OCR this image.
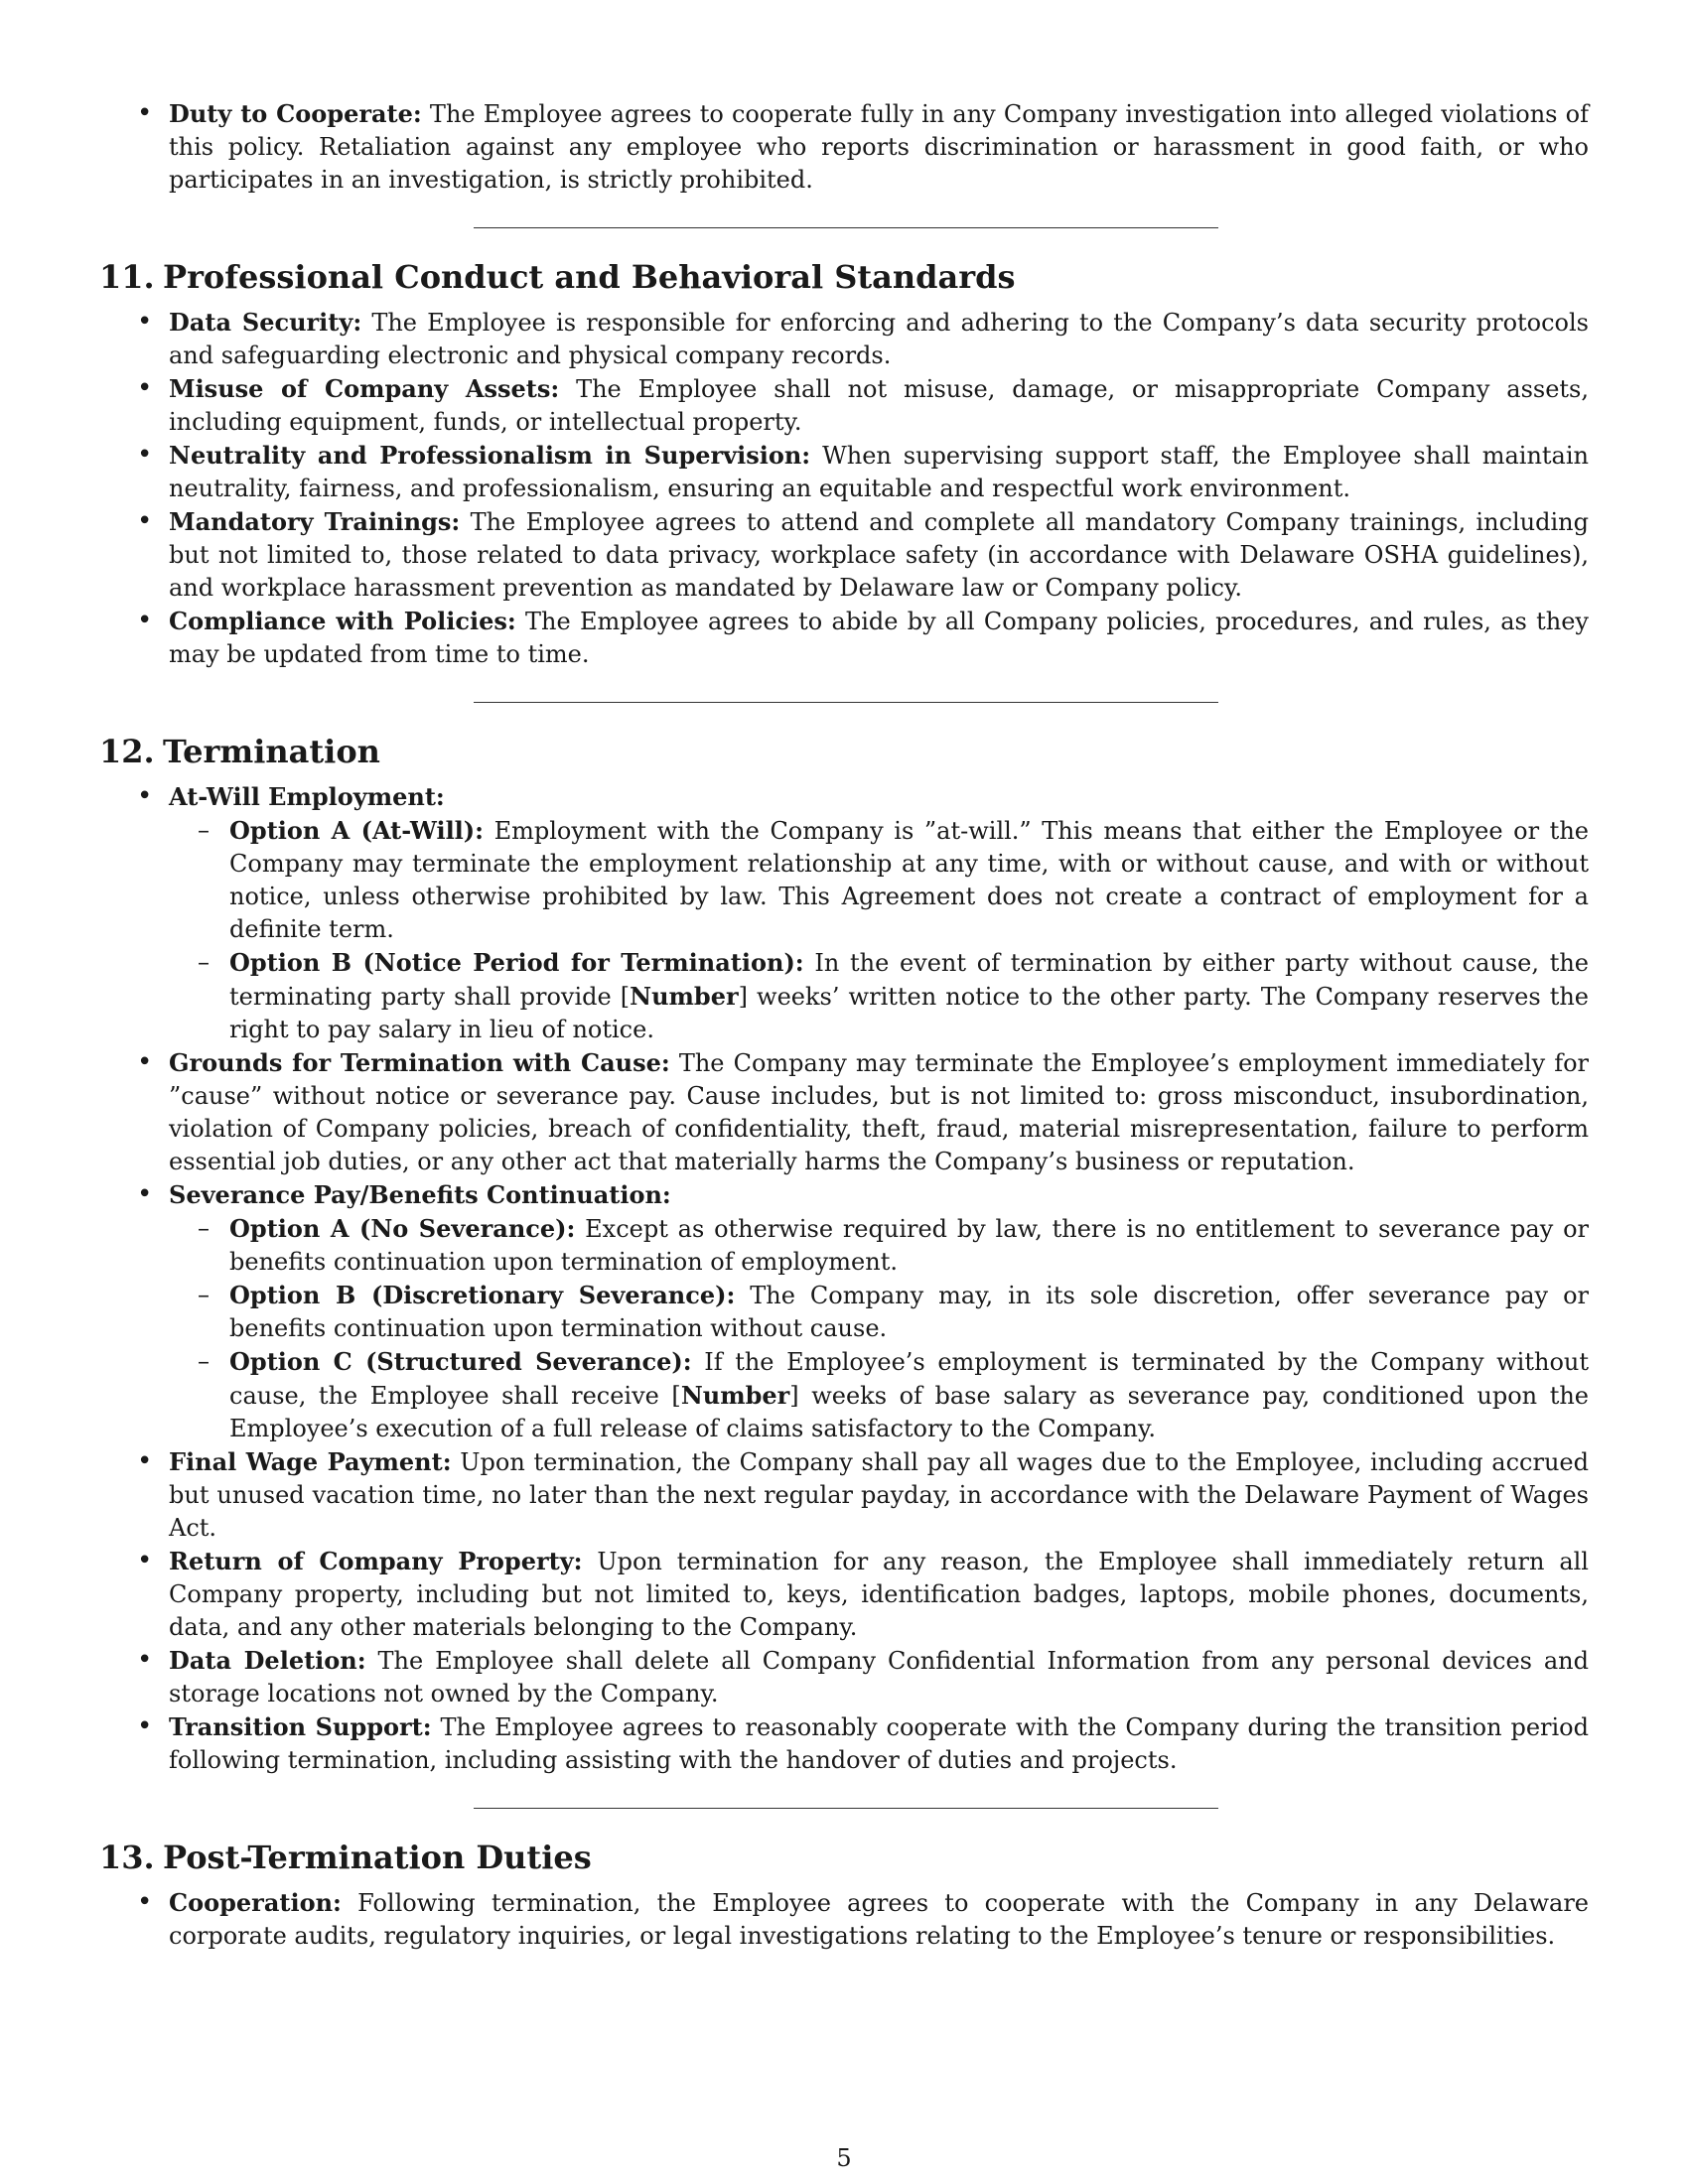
• Duty to Cooperate: The Employee agrees to cooperate fully in any Company investigation into alleged violations of this policy. Retaliation against any employee who reports discrimination or harassment in good faith, or who participates in an investigation, is strictly prohibited.
11. Professional Conduct and Behavioral Standards
• Data Security: The Employee is responsible for enforcing and adhering to the Company’s data security protocols and safeguarding electronic and physical company records.
• Misuse of Company Assets: The Employee shall not misuse, damage, or misappropriate Company assets, including equipment, funds, or intellectual property.
• Neutrality and Professionalism in Supervision: When supervising support staff, the Employee shall maintain neutrality, fairness, and professionalism, ensuring an equitable and respectful work environment.
• Mandatory Trainings: The Employee agrees to attend and complete all mandatory Company trainings, including but not limited to, those related to data privacy, workplace safety (in accordance with Delaware OSHA guidelines), and workplace harassment prevention as mandated by Delaware law or Company policy.
• Compliance with Policies: The Employee agrees to abide by all Company policies, procedures, and rules, as they may be updated from time to time.
12. Termination
• At-Will Employment:
– Option A (At-Will): Employment with the Company is ”at-will.” This means that either the Employee or the Company may terminate the employment relationship at any time, with or without cause, and with or without notice, unless otherwise prohibited by law. This Agreement does not create a contract of employment for a definite term.
– Option B (Notice Period for Termination): In the event of termination by either party without cause, the terminating party shall provide [Number] weeks’ written notice to the other party. The Company reserves the right to pay salary in lieu of notice.
• Grounds for Termination with Cause: The Company may terminate the Employee’s employment immediately for ”cause” without notice or severance pay. Cause includes, but is not limited to: gross misconduct, insubordination, violation of Company policies, breach of confidentiality, theft, fraud, material misrepresentation, failure to perform essential job duties, or any other act that materially harms the Company’s business or reputation.
• Severance Pay/Benefits Continuation:
– Option A (No Severance): Except as otherwise required by law, there is no entitlement to severance pay or benefits continuation upon termination of employment.
– Option B (Discretionary Severance): The Company may, in its sole discretion, offer severance pay or benefits continuation upon termination without cause.
– Option C (Structured Severance): If the Employee’s employment is terminated by the Company without cause, the Employee shall receive [Number] weeks of base salary as severance pay, conditioned upon the Employee’s execution of a full release of claims satisfactory to the Company.
• Final Wage Payment: Upon termination, the Company shall pay all wages due to the Employee, including accrued but unused vacation time, no later than the next regular payday, in accordance with the Delaware Payment of Wages Act.
• Return of Company Property: Upon termination for any reason, the Employee shall immediately return all Company property, including but not limited to, keys, identification badges, laptops, mobile phones, documents, data, and any other materials belonging to the Company.
• Data Deletion: The Employee shall delete all Company Confidential Information from any personal devices and storage locations not owned by the Company.
• Transition Support: The Employee agrees to reasonably cooperate with the Company during the transition period following termination, including assisting with the handover of duties and projects.
13. Post-Termination Duties
• Cooperation: Following termination, the Employee agrees to cooperate with the Company in any Delaware corporate audits, regulatory inquiries, or legal investigations relating to the Employee’s tenure or responsibilities.
5
